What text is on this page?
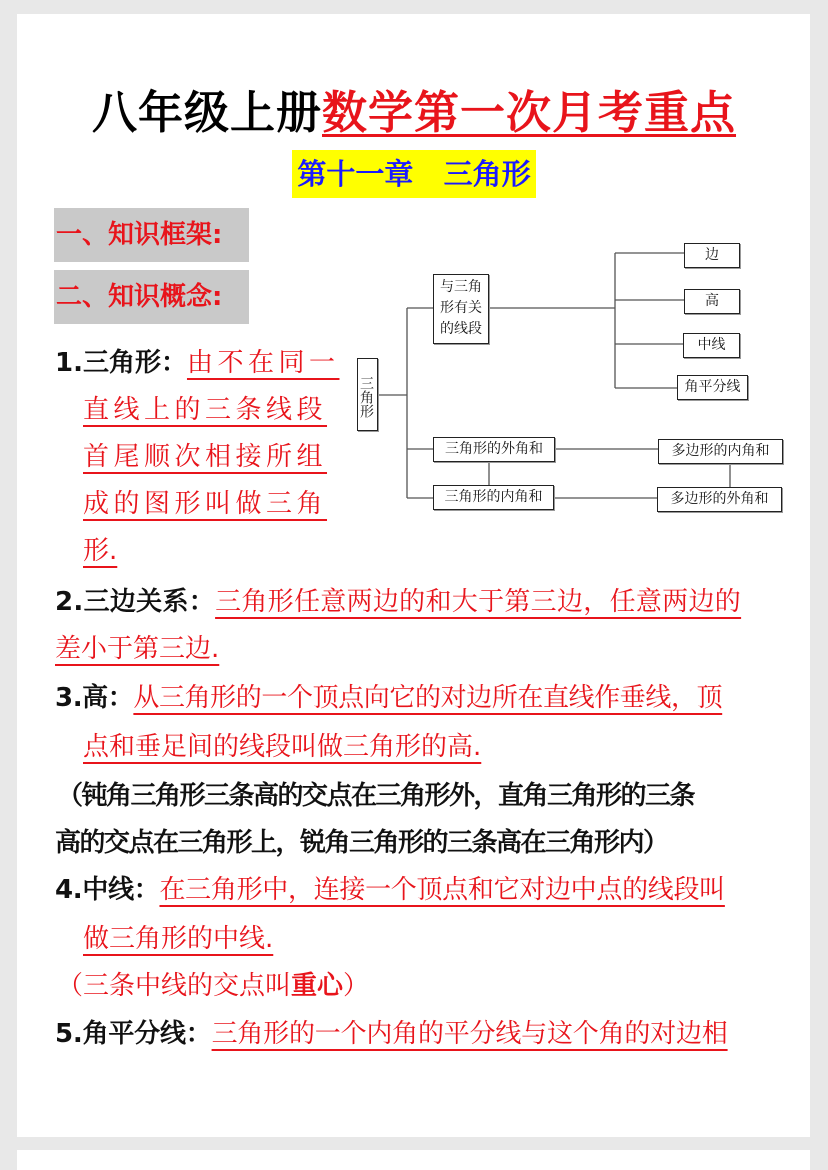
八年级上册数学第一次月考重点
第十一章   三角形
一、知识框架:
二、知识概念:
三角形
与三角形有关的线段
边
高
中线
角平分线
三角形的外角和
三角形的内角和
多边形的内角和
多边形的外角和
1.三角形：由不在同一
直线上的三条线段
首尾顺次相接所组
成的图形叫做三角
形.
2.三边关系：三角形任意两边的和大于第三边，任意两边的
差小于第三边.
3.高：从三角形的一个顶点向它的对边所在直线作垂线，顶
点和垂足间的线段叫做三角形的高.
（钝角三角形三条高的交点在三角形外，直角三角形的三条
高的交点在三角形上，锐角三角形的三条高在三角形内）
4.中线：在三角形中，连接一个顶点和它对边中点的线段叫
做三角形的中线.
（三条中线的交点叫重心）
5.角平分线：三角形的一个内角的平分线与这个角的对边相
